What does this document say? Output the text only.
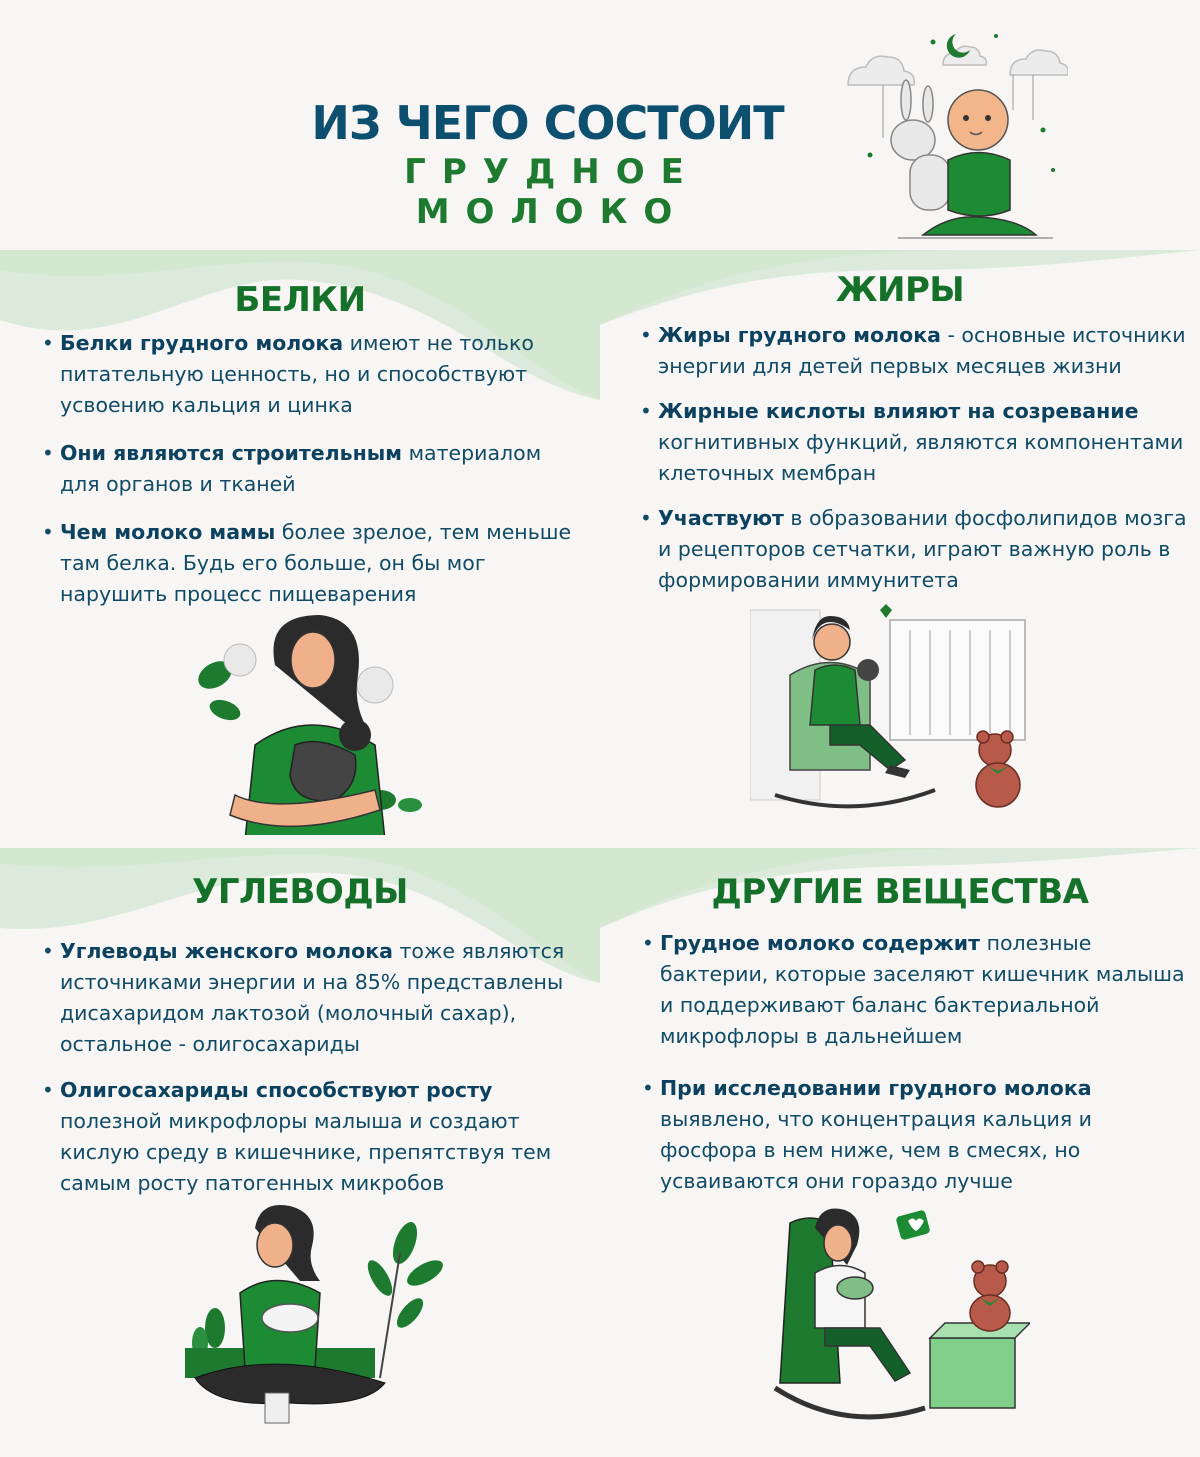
ИЗ ЧЕГО СОСТОИТ
ГРУДНОЕ МОЛОКО
БЕЛКИ
• Белки грудного молока имеют не только питательную ценность, но и способствуют усвоению кальция и цинка
• Они являются строительным материалом для органов и тканей
• Чем молоко мамы более зрелое, тем меньше там белка. Будь его больше, он бы мог нарушить процесс пищеварения
ЖИРЫ
• Жиры грудного молока - основные источники энергии для детей первых месяцев жизни
• Жирные кислоты влияют на созревание когнитивных функций, являются компонентами клеточных мембран
• Участвуют в образовании фосфолипидов мозга и рецепторов сетчатки, играют важную роль в формировании иммунитета
УГЛЕВОДЫ
• Углеводы женского молока тоже являются источниками энергии и на 85% представлены дисахаридом лактозой (молочный сахар), остальное - олигосахариды
• Олигосахариды способствуют росту полезной микрофлоры малыша и создают кислую среду в кишечнике, препятствуя тем самым росту патогенных микробов
ДРУГИЕ ВЕЩЕСТВА
• Грудное молоко содержит полезные бактерии, которые заселяют кишечник малыша и поддерживают баланс бактериальной микрофлоры в дальнейшем
• При исследовании грудного молока выявлено, что концентрация кальция и фосфора в нем ниже, чем в смесях, но усваиваются они гораздо лучше
